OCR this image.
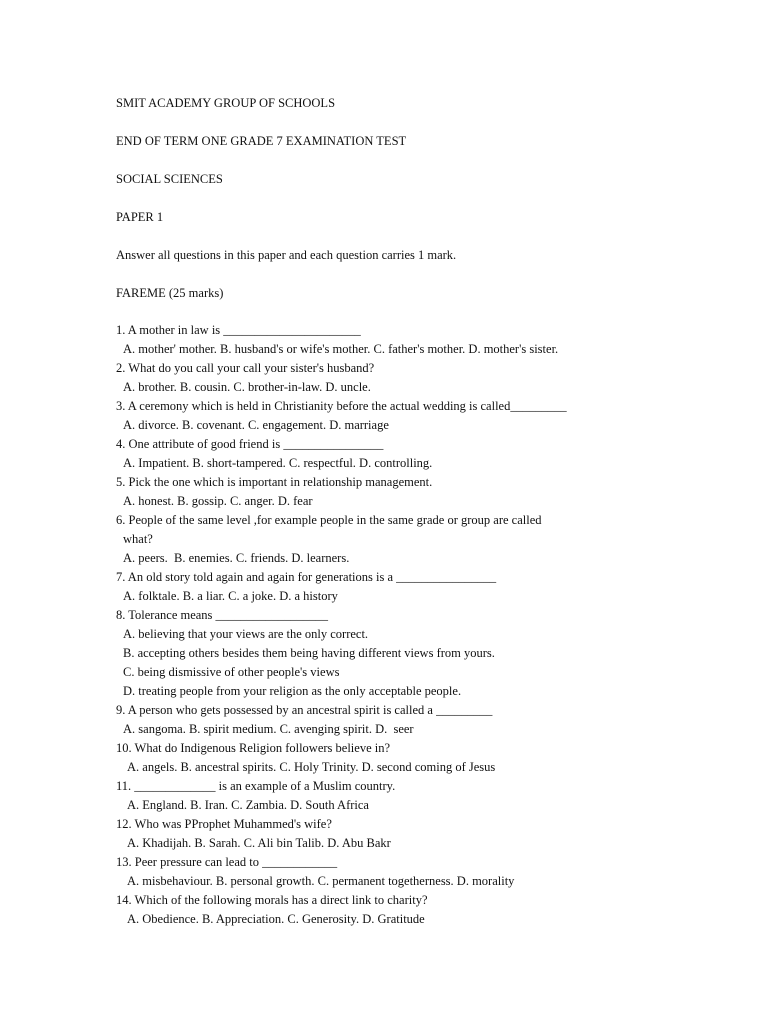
SMIT ACADEMY GROUP OF SCHOOLS
END OF TERM ONE GRADE 7 EXAMINATION TEST
SOCIAL SCIENCES
PAPER 1
Answer all questions in this paper and each question carries 1 mark.
FAREME (25 marks)
1. A mother in law is ______________________
A. mother' mother. B. husband's or wife's mother. C. father's mother. D. mother's sister.
2. What do you call your call your sister's husband?
A. brother. B. cousin. C. brother-in-law. D. uncle.
3. A ceremony which is held in Christianity before the actual wedding is called_________
A. divorce. B. covenant. C. engagement. D. marriage
4. One attribute of good friend is ________________
A. Impatient. B. short-tampered. C. respectful. D. controlling.
5. Pick the one which is important in relationship management.
A. honest. B. gossip. C. anger. D. fear
6. People of the same level ,for example people in the same grade or group are called
what?
A. peers.  B. enemies. C. friends. D. learners.
7. An old story told again and again for generations is a ________________
A. folktale. B. a liar. C. a joke. D. a history
8. Tolerance means __________________
A. believing that your views are the only correct.
B. accepting others besides them being having different views from yours.
C. being dismissive of other people's views
D. treating people from your religion as the only acceptable people.
9. A person who gets possessed by an ancestral spirit is called a _________
A. sangoma. B. spirit medium. C. avenging spirit. D.  seer
10. What do Indigenous Religion followers believe in?
A. angels. B. ancestral spirits. C. Holy Trinity. D. second coming of Jesus
11. _____________ is an example of a Muslim country.
A. England. B. Iran. C. Zambia. D. South Africa
12. Who was PProphet Muhammed's wife?
A. Khadijah. B. Sarah. C. Ali bin Talib. D. Abu Bakr
13. Peer pressure can lead to ____________
A. misbehaviour. B. personal growth. C. permanent togetherness. D. morality
14. Which of the following morals has a direct link to charity?
A. Obedience. B. Appreciation. C. Generosity. D. Gratitude
